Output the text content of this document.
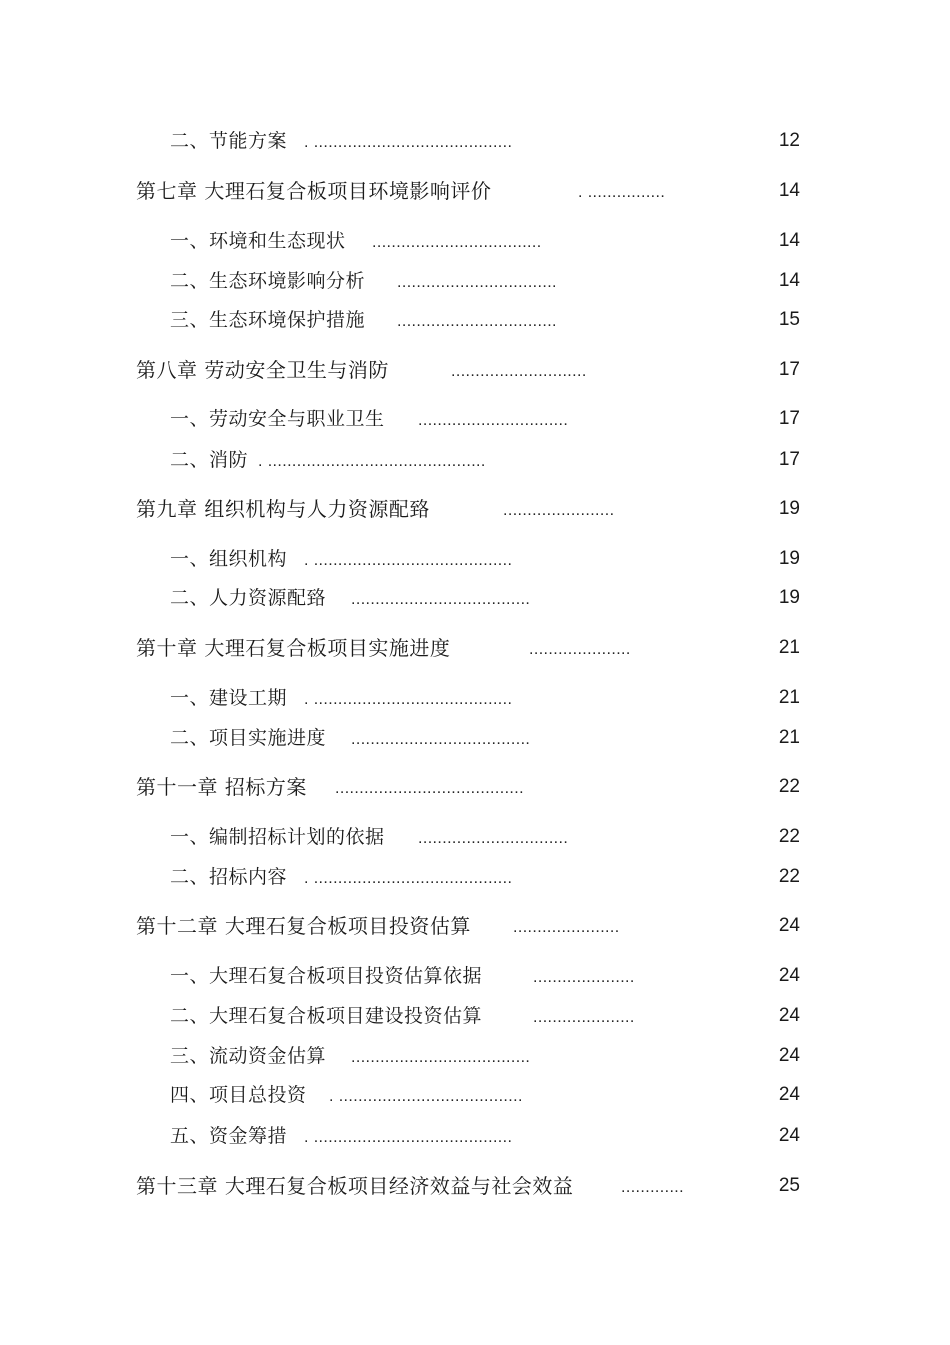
二、节能方案 . .........................................	12
第七章 大理石复合板项目环境影响评价	. ................	14
一、环境和生态现状 ...................................	14
二、生态环境影响分析 .................................	14
三、生态环境保护措施 .................................	15
第八章 劳动安全卫生与消防	............................	17
一、劳动安全与职业卫生 ...............................	17
二、消防 . .............................................	17
第九章 组织机构与人力资源配臵	.......................	19
一、组织机构 . .........................................	19
二、人力资源配臵 .....................................	19
第十章 大理石复合板项目实施进度	.....................	21
一、建设工期 . .........................................	21
二、项目实施进度 .....................................	21
第十一章 招标方案 .......................................	22
一、编制招标计划的依据 ...............................	22
二、招标内容 . .........................................	22
第十二章 大理石复合板项目投资估算	......................	24
一、大理石复合板项目投资估算依据	.....................	24
二、大理石复合板项目建设投资估算	.....................	24
三、流动资金估算 .....................................	24
四、项目总投资 . ......................................	24
五、资金筹措 . .........................................	24
第十三章 大理石复合板项目经济效益与社会效益	.............	25
